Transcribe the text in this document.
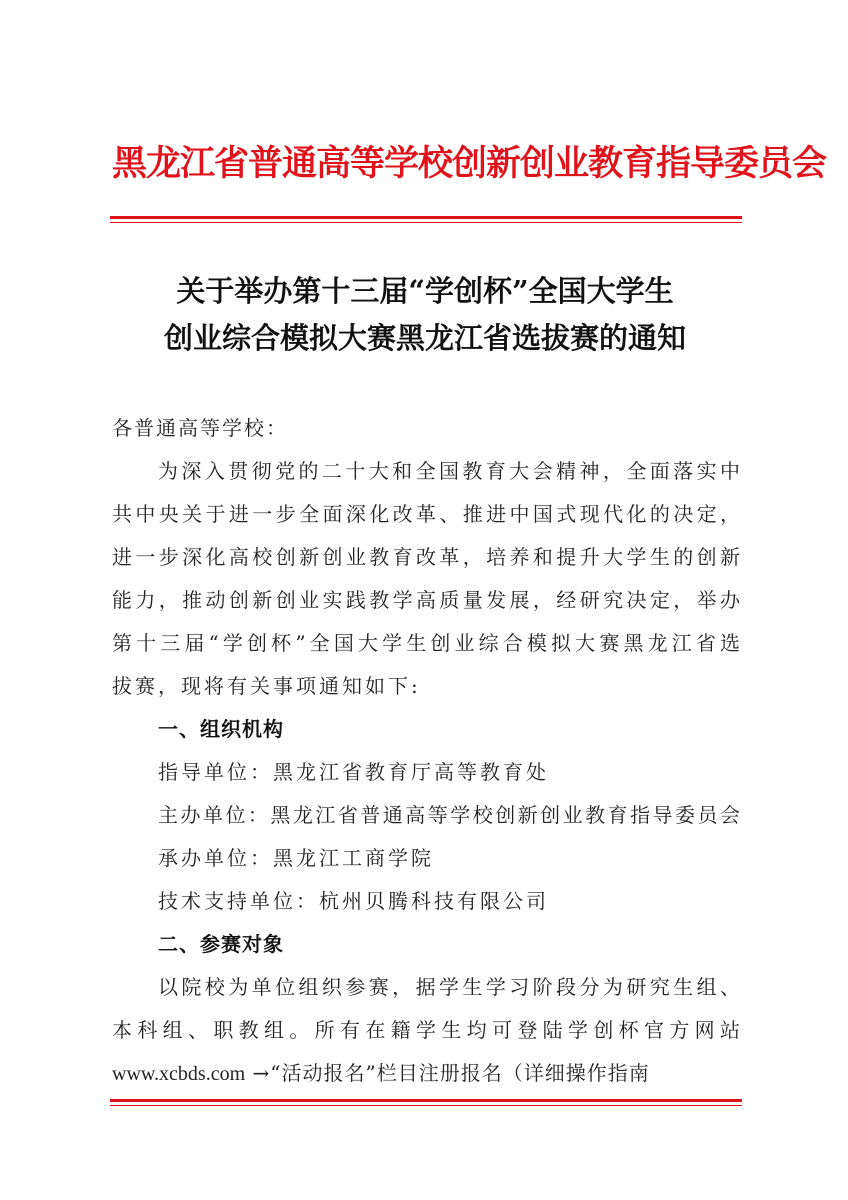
黑龙江省普通高等学校创新创业教育指导委员会
关于举办第十三届“学创杯”全国大学生
创业综合模拟大赛黑龙江省选拔赛的通知
各普通高等学校：
为深入贯彻党的二十大和全国教育大会精神，全面落实中
共中央关于进一步全面深化改革、推进中国式现代化的决定，
进一步深化高校创新创业教育改革，培养和提升大学生的创新
能力，推动创新创业实践教学高质量发展，经研究决定，举办
第十三届“学创杯”全国大学生创业综合模拟大赛黑龙江省选
拔赛，现将有关事项通知如下:
一、组织机构
指导单位：黑龙江省教育厅高等教育处
主办单位：黑龙江省普通高等学校创新创业教育指导委员会
承办单位：黑龙江工商学院
技术支持单位：杭州贝腾科技有限公司
二、参赛对象
以院校为单位组织参赛，据学生学习阶段分为研究生组、
本科组、职教组。所有在籍学生均可登陆学创杯官方网站
www.xcbds.com →“活动报名”栏目注册报名（详细操作指南
